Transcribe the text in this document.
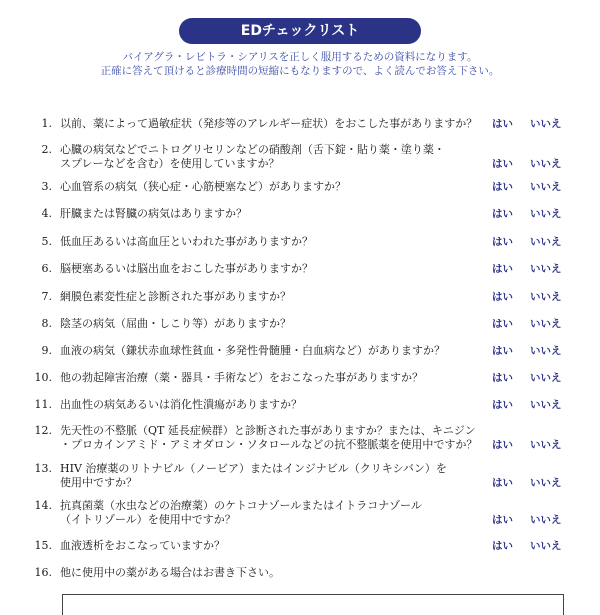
EDチェックリスト
バイアグラ・レビトラ・シアリスを正しく服用するための資料になります。
正確に答えて頂けると診療時間の短縮にもなりますので、よく読んでお答え下さい。
1. 以前、薬によって過敏症状（発疹等のアレルギー症状）をおこした事がありますか？ はい いいえ
2. 心臓の病気などでニトログリセリンなどの硝酸剤（舌下錠・貼り薬・塗り薬・
スプレーなどを含む）を使用していますか？	はい いいえ
3. 心血管系の病気（狭心症・心筋梗塞など）がありますか？	はい いいえ
4. 肝臓または腎臓の病気はありますか？	はい いいえ
5. 低血圧あるいは高血圧といわれた事がありますか？	はい いいえ
6. 脳梗塞あるいは脳出血をおこした事がありますか？	はい いいえ
7. 網膜色素変性症と診断された事がありますか？	はい いいえ
8. 陰茎の病気（屈曲・しこり等）がありますか？	はい いいえ
9. 血液の病気（鎌状赤血球性貧血・多発性骨髄腫・白血病など）がありますか？	はい いいえ
10. 他の勃起障害治療（薬・器具・手術など）をおこなった事がありますか？	はい いいえ
11. 出血性の病気あるいは消化性潰瘍がありますか？	はい いいえ
12. 先天性の不整脈（QT 延長症候群）と診断された事がありますか？または、キニジン
・プロカインアミド・アミオダロン・ソタロールなどの抗不整脈薬を使用中ですか？	はい いいえ
13. HIV 治療薬のリトナビル（ノービア）またはインジナビル（クリキシバン）を
使用中ですか？	はい いいえ
14. 抗真菌薬（水虫などの治療薬）のケトコナゾールまたはイトラコナゾール
（イトリゾール）を使用中ですか？	はい いいえ
15. 血液透析をおこなっていますか？	はい いいえ
16. 他に使用中の薬がある場合はお書き下さい。
